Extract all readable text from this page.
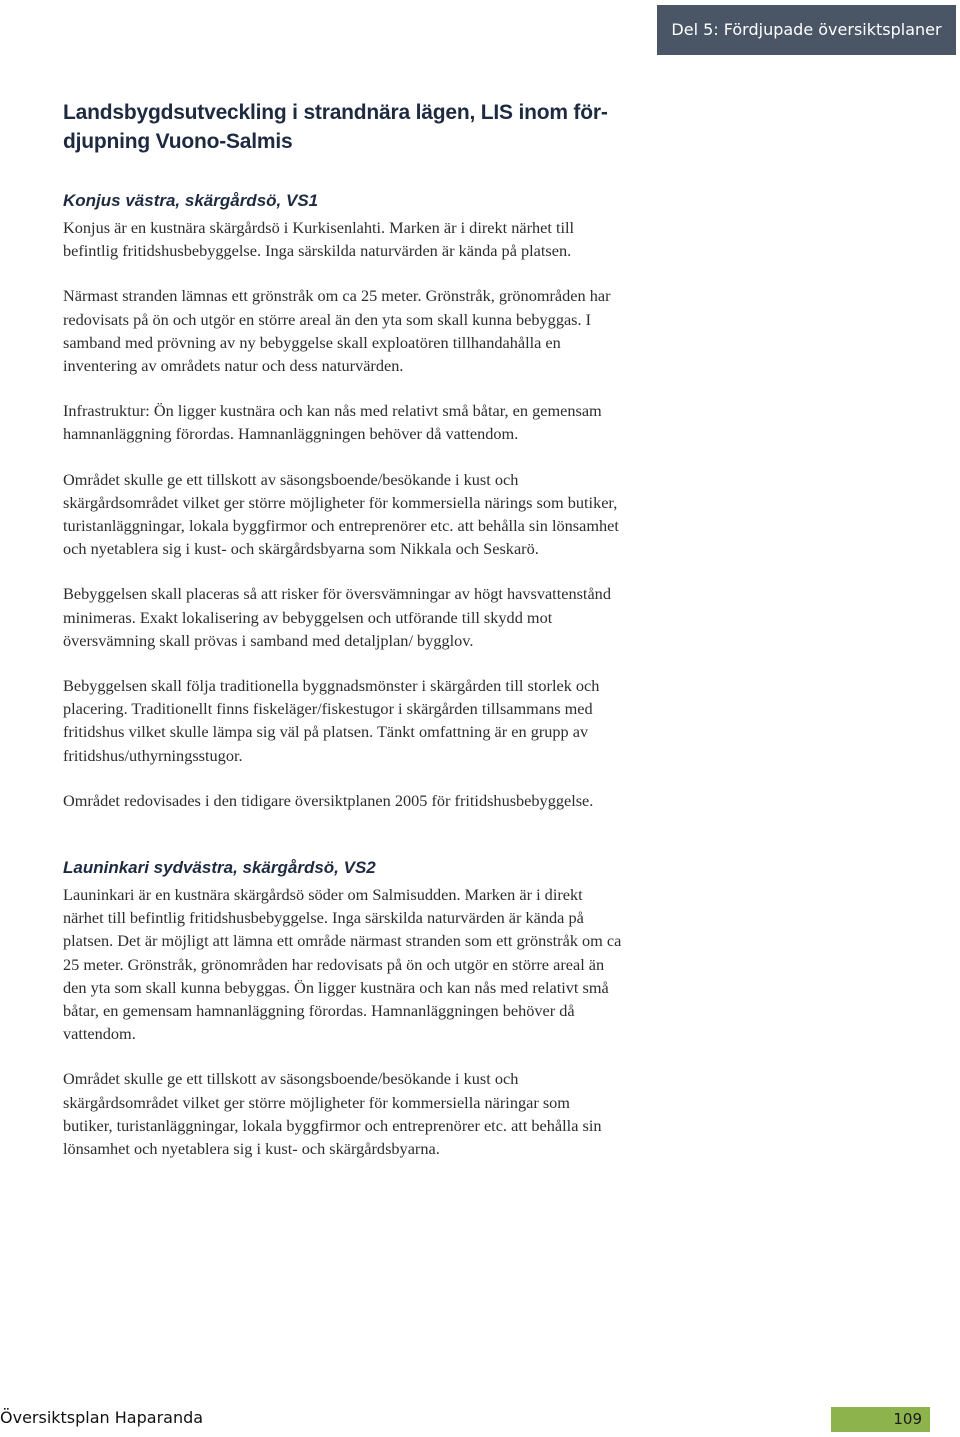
Del 5: Fördjupade översiktsplaner
Landsbygdsutveckling i strandnära lägen, LIS inom för-
djupning Vuono-Salmis
Konjus västra, skärgårdsö, VS1

Konjus är en kustnära skärgårdsö i Kurkisenlahti. Marken är i direkt närhet till befintlig fritidshusbebyggelse. Inga särskilda naturvärden är kända på platsen.

Närmast stranden lämnas ett grönstråk om ca 25 meter. Grönstråk, grönområden har redovisats på ön och utgör en större areal än den yta som skall kunna bebyggas. I samband med prövning av ny bebyggelse skall exploatören tillhandahålla en inventering av områdets natur och dess naturvärden.

Infrastruktur: Ön ligger kustnära och kan nås med relativt små båtar, en gemensam hamnanläggning förordas. Hamnanläggningen behöver då vattendom.

Området skulle ge ett tillskott av säsongsboende/besökande i kust och skärgårdsområdet vilket ger större möjligheter för kommersiella närings som butiker, turistanläggningar, lokala byggfirmor och entreprenörer etc. att behålla sin lönsamhet och nyetablera sig i kust- och skärgårdsbyarna som Nikkala och Seskarö.

Bebyggelsen skall placeras så att risker för översvämningar av högt havsvattenstånd minimeras. Exakt lokalisering av bebyggelsen och utförande till skydd mot översvämning skall prövas i samband med detaljplan/ bygglov.

Bebyggelsen skall följa traditionella byggnadsmönster i skärgården till storlek och placering. Traditionellt finns fiskeläger/fiskestugor i skärgården tillsammans med fritidshus vilket skulle lämpa sig väl på platsen. Tänkt omfattning är en grupp av fritidshus/uthyrningsstugor.

Området redovisades i den tidigare översiktplanen 2005 för fritidshusbebyggelse.

Launinkari sydvästra, skärgårdsö, VS2

Launinkari är en kustnära skärgårdsö söder om Salmisudden. Marken är i direkt närhet till befintlig fritidshusbebyggelse. Inga särskilda naturvärden är kända på platsen. Det är möjligt att lämna ett område närmast stranden som ett grönstråk om ca 25 meter. Grönstråk, grönområden har redovisats på ön och utgör en större areal än den yta som skall kunna bebyggas. Ön ligger kustnära och kan nås med relativt små båtar, en gemensam hamnanläggning förordas. Hamnanläggningen behöver då vattendom.

Området skulle ge ett tillskott av säsongsboende/besökande i kust och skärgårdsområdet vilket ger större möjligheter för kommersiella näringar som butiker, turistanläggningar, lokala byggfirmor och entreprenörer etc. att behålla sin lönsamhet och nyetablera sig i kust- och skärgårdsbyarna.

Översiktsplan Haparanda	109
